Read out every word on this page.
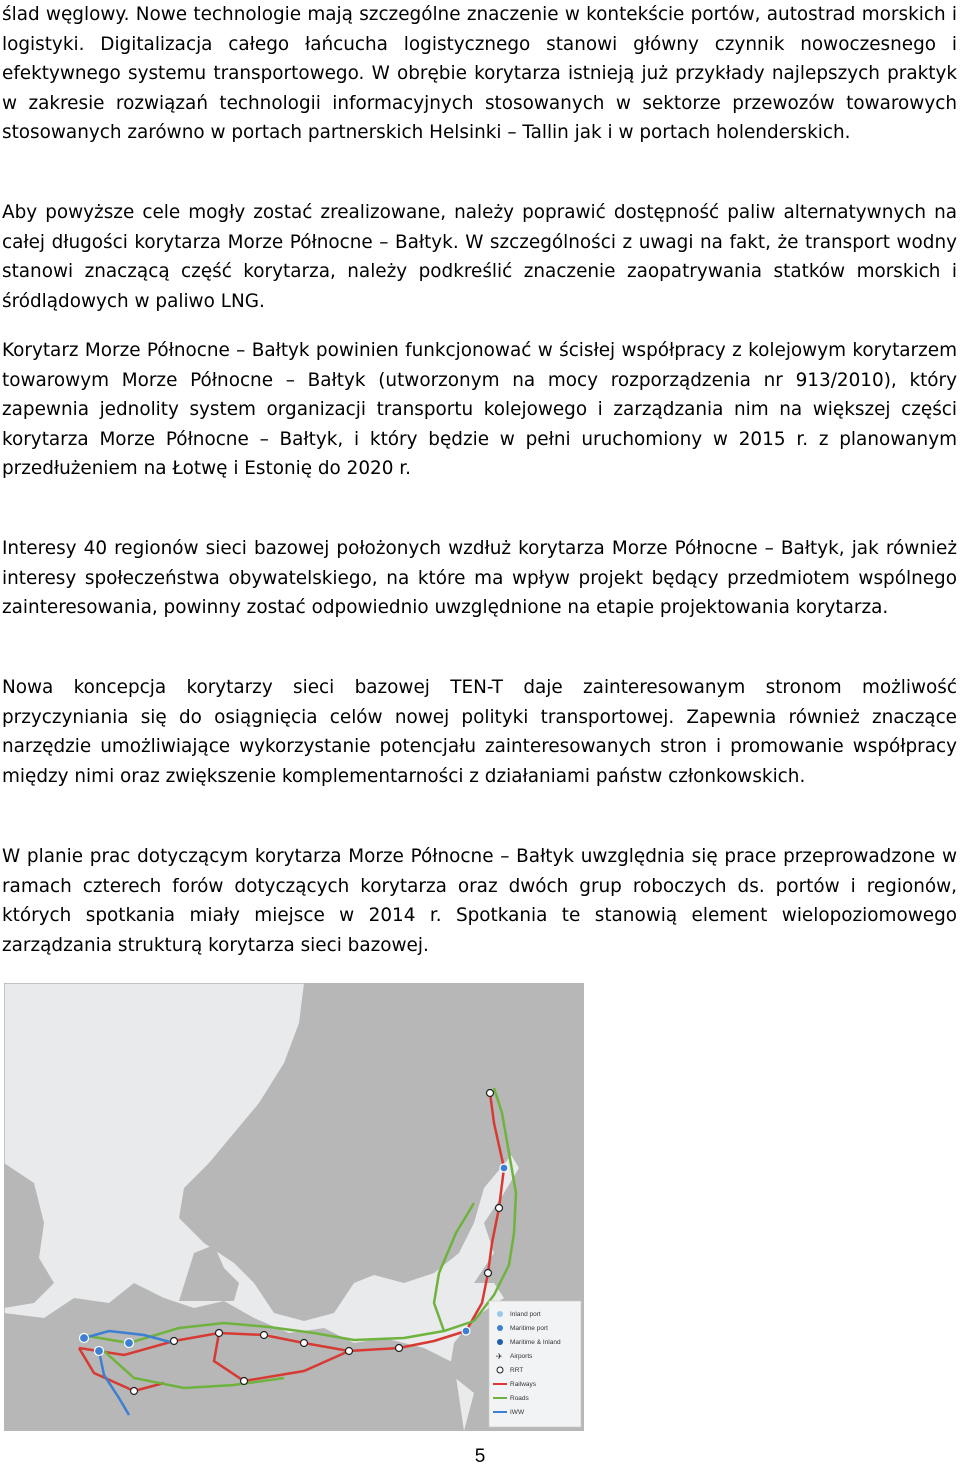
ślad węglowy. Nowe technologie mają szczególne znaczenie w kontekście portów, autostrad morskich i logistyki. Digitalizacja całego łańcucha logistycznego stanowi główny czynnik nowoczesnego i efektywnego systemu transportowego. W obrębie korytarza istnieją już przykłady najlepszych praktyk w zakresie rozwiązań technologii informacyjnych stosowanych w sektorze przewozów towarowych stosowanych zarówno w portach partnerskich Helsinki – Tallin jak i w portach holenderskich.

Aby powyższe cele mogły zostać zrealizowane, należy poprawić dostępność paliw alternatywnych na całej długości korytarza Morze Północne – Bałtyk. W szczególności z uwagi na fakt, że transport wodny stanowi znaczącą część korytarza, należy podkreślić znaczenie zaopatrywania statków morskich i śródlądowych w paliwo LNG.

Korytarz Morze Północne – Bałtyk powinien funkcjonować w ścisłej współpracy z kolejowym korytarzem towarowym Morze Północne – Bałtyk (utworzonym na mocy rozporządzenia nr 913/2010), który zapewnia jednolity system organizacji transportu kolejowego i zarządzania nim na większej części korytarza Morze Północne – Bałtyk, i który będzie w pełni uruchomiony w 2015 r. z planowanym przedłużeniem na Łotwę i Estonię do 2020 r.

Interesy 40 regionów sieci bazowej położonych wzdłuż korytarza Morze Północne – Bałtyk, jak również interesy społeczeństwa obywatelskiego, na które ma wpływ projekt będący przedmiotem wspólnego zainteresowania, powinny zostać odpowiednio uwzględnione na etapie projektowania korytarza.

Nowa koncepcja korytarzy sieci bazowej TEN-T daje zainteresowanym stronom możliwość przyczyniania się do osiągnięcia celów nowej polityki transportowej. Zapewnia również znaczące narzędzie umożliwiające wykorzystanie potencjału zainteresowanych stron i promowanie współpracy między nimi oraz zwiększenie komplementarności z działaniami państw członkowskich.

W planie prac dotyczącym korytarza Morze Północne – Bałtyk uwzględnia się prace przeprowadzone w ramach czterech forów dotyczących korytarza oraz dwóch grup roboczych ds. portów i regionów, których spotkania miały miejsce w 2014 r. Spotkania te stanowią element wielopoziomowego zarządzania strukturą korytarza sieci bazowej.

Inland port
Maritime port
Maritime & Inland
✈ Airports
RRT
Railways
Roads
IWW
5
